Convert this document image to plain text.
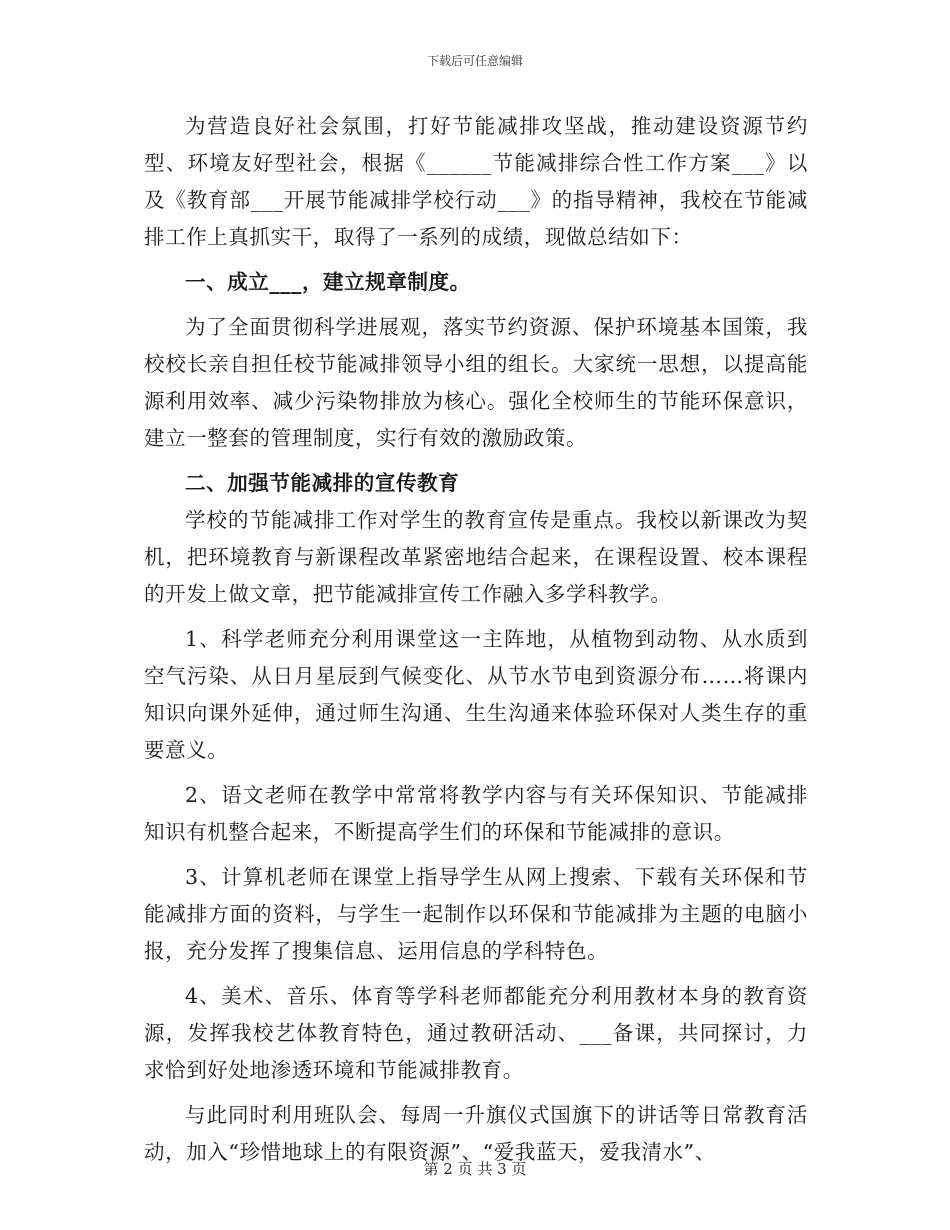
下载后可任意编辑

为营造良好社会氛围，打好节能减排攻坚战，推动建设资源节约型、环境友好型社会，根据《______节能减排综合性工作方案___》以及《教育部___开展节能减排学校行动___》的指导精神，我校在节能减排工作上真抓实干，取得了一系列的成绩，现做总结如下：

一、成立___，建立规章制度。

为了全面贯彻科学进展观，落实节约资源、保护环境基本国策，我校校长亲自担任校节能减排领导小组的组长。大家统一思想，以提高能源利用效率、减少污染物排放为核心。强化全校师生的节能环保意识，建立一整套的管理制度，实行有效的激励政策。

二、加强节能减排的宣传教育

学校的节能减排工作对学生的教育宣传是重点。我校以新课改为契机，把环境教育与新课程改革紧密地结合起来，在课程设置、校本课程的开发上做文章，把节能减排宣传工作融入多学科教学。

1、科学老师充分利用课堂这一主阵地，从植物到动物、从水质到空气污染、从日月星辰到气候变化、从节水节电到资源分布……将课内知识向课外延伸，通过师生沟通、生生沟通来体验环保对人类生存的重要意义。

2、语文老师在教学中常常将教学内容与有关环保知识、节能减排知识有机整合起来，不断提高学生们的环保和节能减排的意识。

3、计算机老师在课堂上指导学生从网上搜索、下载有关环保和节能减排方面的资料，与学生一起制作以环保和节能减排为主题的电脑小报，充分发挥了搜集信息、运用信息的学科特色。

4、美术、音乐、体育等学科老师都能充分利用教材本身的教育资源，发挥我校艺体教育特色，通过教研活动、___备课，共同探讨，力求恰到好处地渗透环境和节能减排教育。

与此同时利用班队会、每周一升旗仪式国旗下的讲话等日常教育活动，加入“珍惜地球上的有限资源”、“爱我蓝天，爱我清水”、

第 2 页 共 3 页
